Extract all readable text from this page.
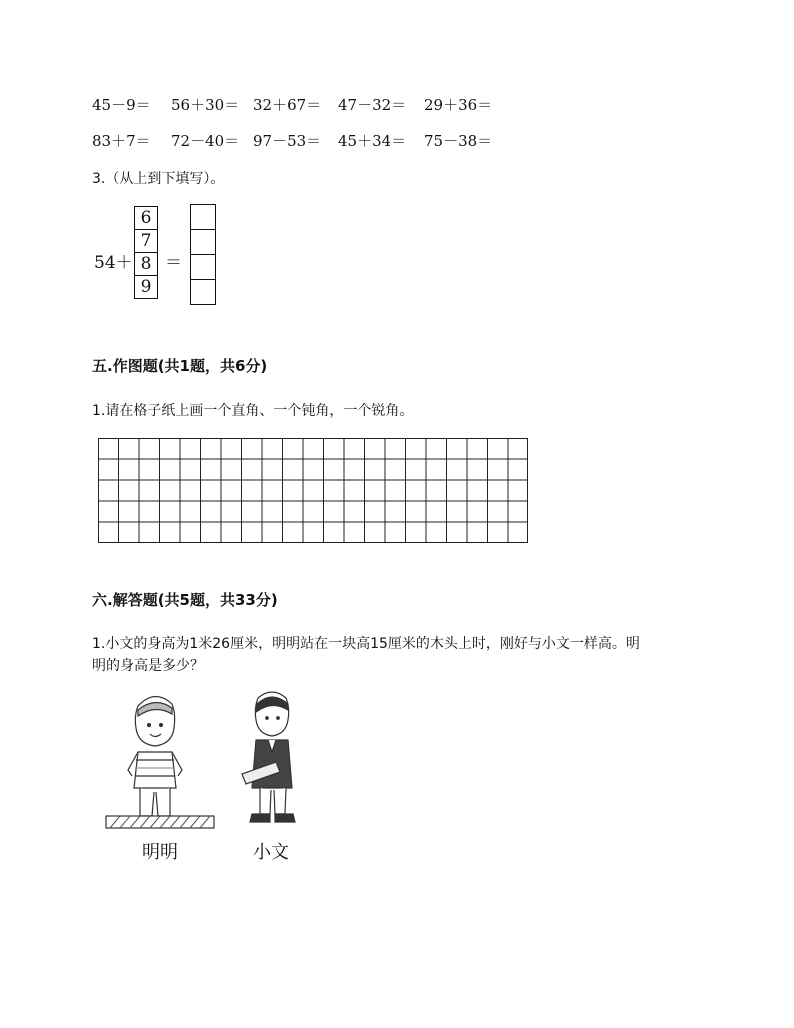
45－9＝ 56＋30＝ 32＋67＝ 47－32＝ 29＋36＝
83＋7＝ 72－40＝ 97－53＝ 45＋34＝ 75－38＝
3.（从上到下填写）。
54＋
6
7
8
9
＝
五.作图题(共1题，共6分)
1.请在格子纸上画一个直角、一个钝角，一个锐角。
六.解答题(共5题，共33分)
1.小文的身高为1米26厘米，明明站在一块高15厘米的木头上时，刚好与小文一样高。明
明的身高是多少？
明明	小文
